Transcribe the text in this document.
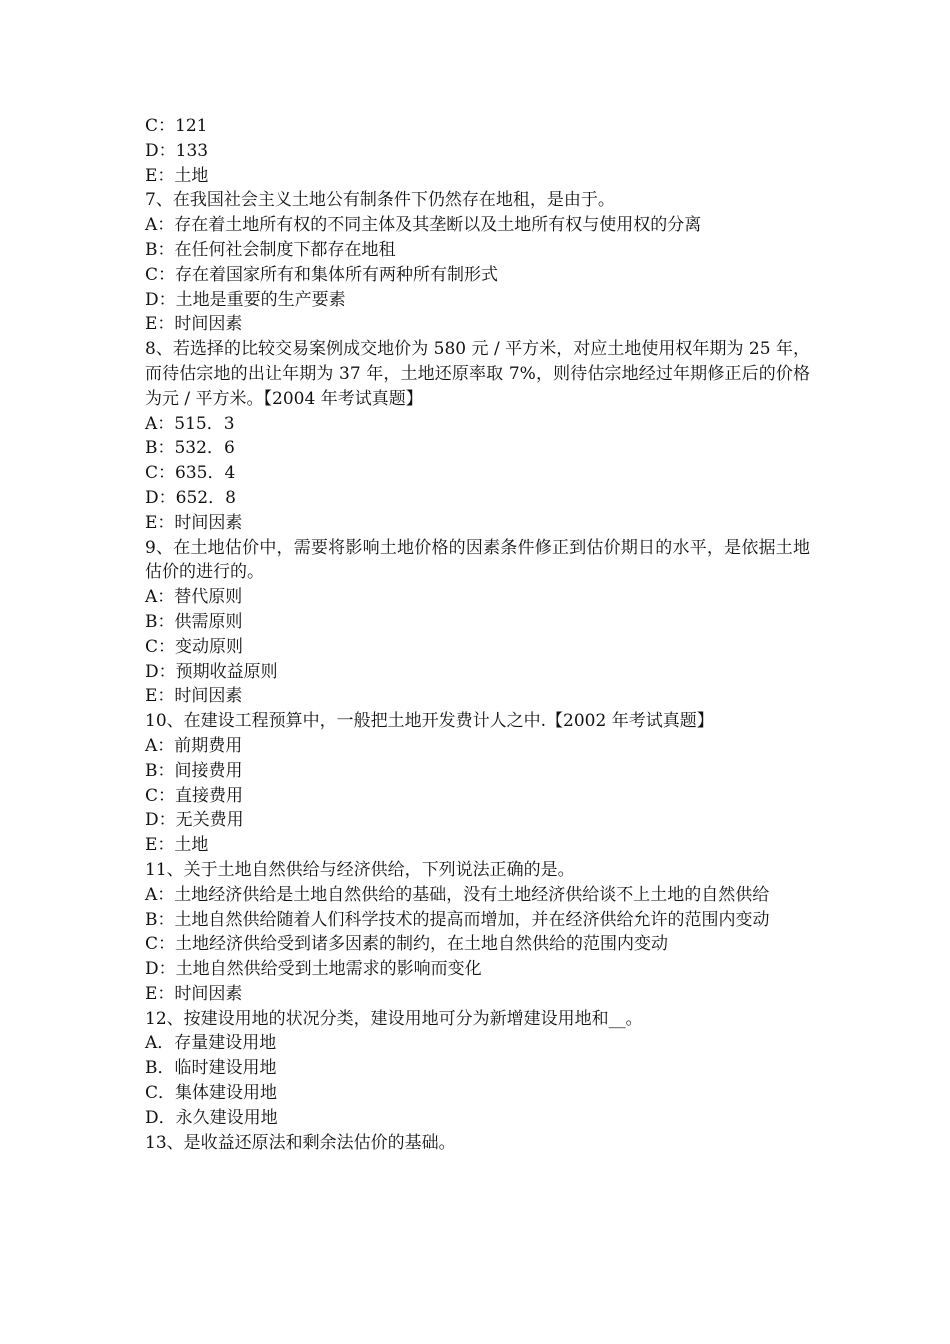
C：121

D：133

E：土地

7、在我国社会主义土地公有制条件下仍然存在地租，是由于。

A：存在着土地所有权的不同主体及其垄断以及土地所有权与使用权的分离

B：在任何社会制度下都存在地租

C：存在着国家所有和集体所有两种所有制形式

D：土地是重要的生产要素

E：时间因素

8、若选择的比较交易案例成交地价为 580 元 / 平方米，对应土地使用权年期为 25 年，而待估宗地的出让年期为 37 年，土地还原率取 7%，则待估宗地经过年期修正后的价格为元 / 平方米。【2004 年考试真题】

A：515．3

B：532．6

C：635．4

D：652．8

E：时间因素

9、在土地估价中，需要将影响土地价格的因素条件修正到估价期日的水平，是依据土地估价的进行的。

A：替代原则

B：供需原则

C：变动原则

D：预期收益原则

E：时间因素

10、在建设工程预算中，一般把土地开发费计人之中.【2002 年考试真题】

A：前期费用

B：间接费用

C：直接费用

D：无关费用

E：土地

11、关于土地自然供给与经济供给，下列说法正确的是。

A：土地经济供给是土地自然供给的基础，没有土地经济供给谈不上土地的自然供给

B：土地自然供给随着人们科学技术的提高而增加，并在经济供给允许的范围内变动

C：土地经济供给受到诸多因素的制约，在土地自然供给的范围内变动

D：土地自然供给受到土地需求的影响而变化

E：时间因素

12、按建设用地的状况分类，建设用地可分为新增建设用地和__。

A．存量建设用地

B．临时建设用地

C．集体建设用地

D．永久建设用地

13、是收益还原法和剩余法估价的基础。
